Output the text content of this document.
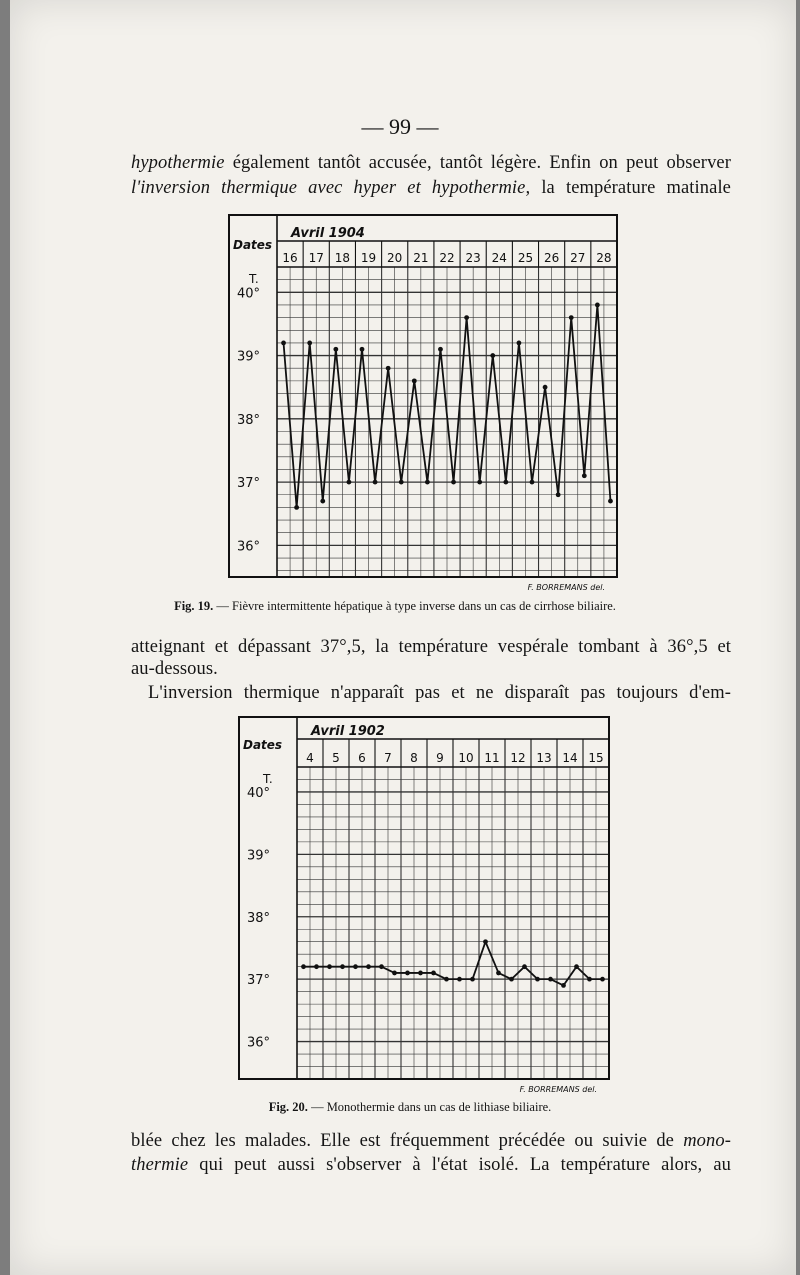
— 99 —
hypothermie également tantôt accusée, tantôt légère. Enfin on peut observer
l'inversion thermique avec hyper et hypothermie, la température matinale
Avril 1904
Dates
16 17 18 19 20 21 22 23 24 25 26 27 28
T.
40°
39°
38°
37°
36°
F. BORREMANS del.
Fig. 19. — Fièvre intermittente hépatique à type inverse dans un cas de cirrhose biliaire.
atteignant et dépassant 37°,5, la température vespérale tombant à 36°,5 et
au-dessous.
L'inversion thermique n'apparaît pas et ne disparaît pas toujours d'em-
Avril 1902
Dates
4 5 6 7 8 9 10 11 12 13 14 15
T.
40°
39°
38°
37°
36°
F. BORREMANS del.
Fig. 20. — Monothermie dans un cas de lithiase biliaire.
blée chez les malades. Elle est fréquemment précédée ou suivie de mono-
thermie qui peut aussi s'observer à l'état isolé. La température alors, au
